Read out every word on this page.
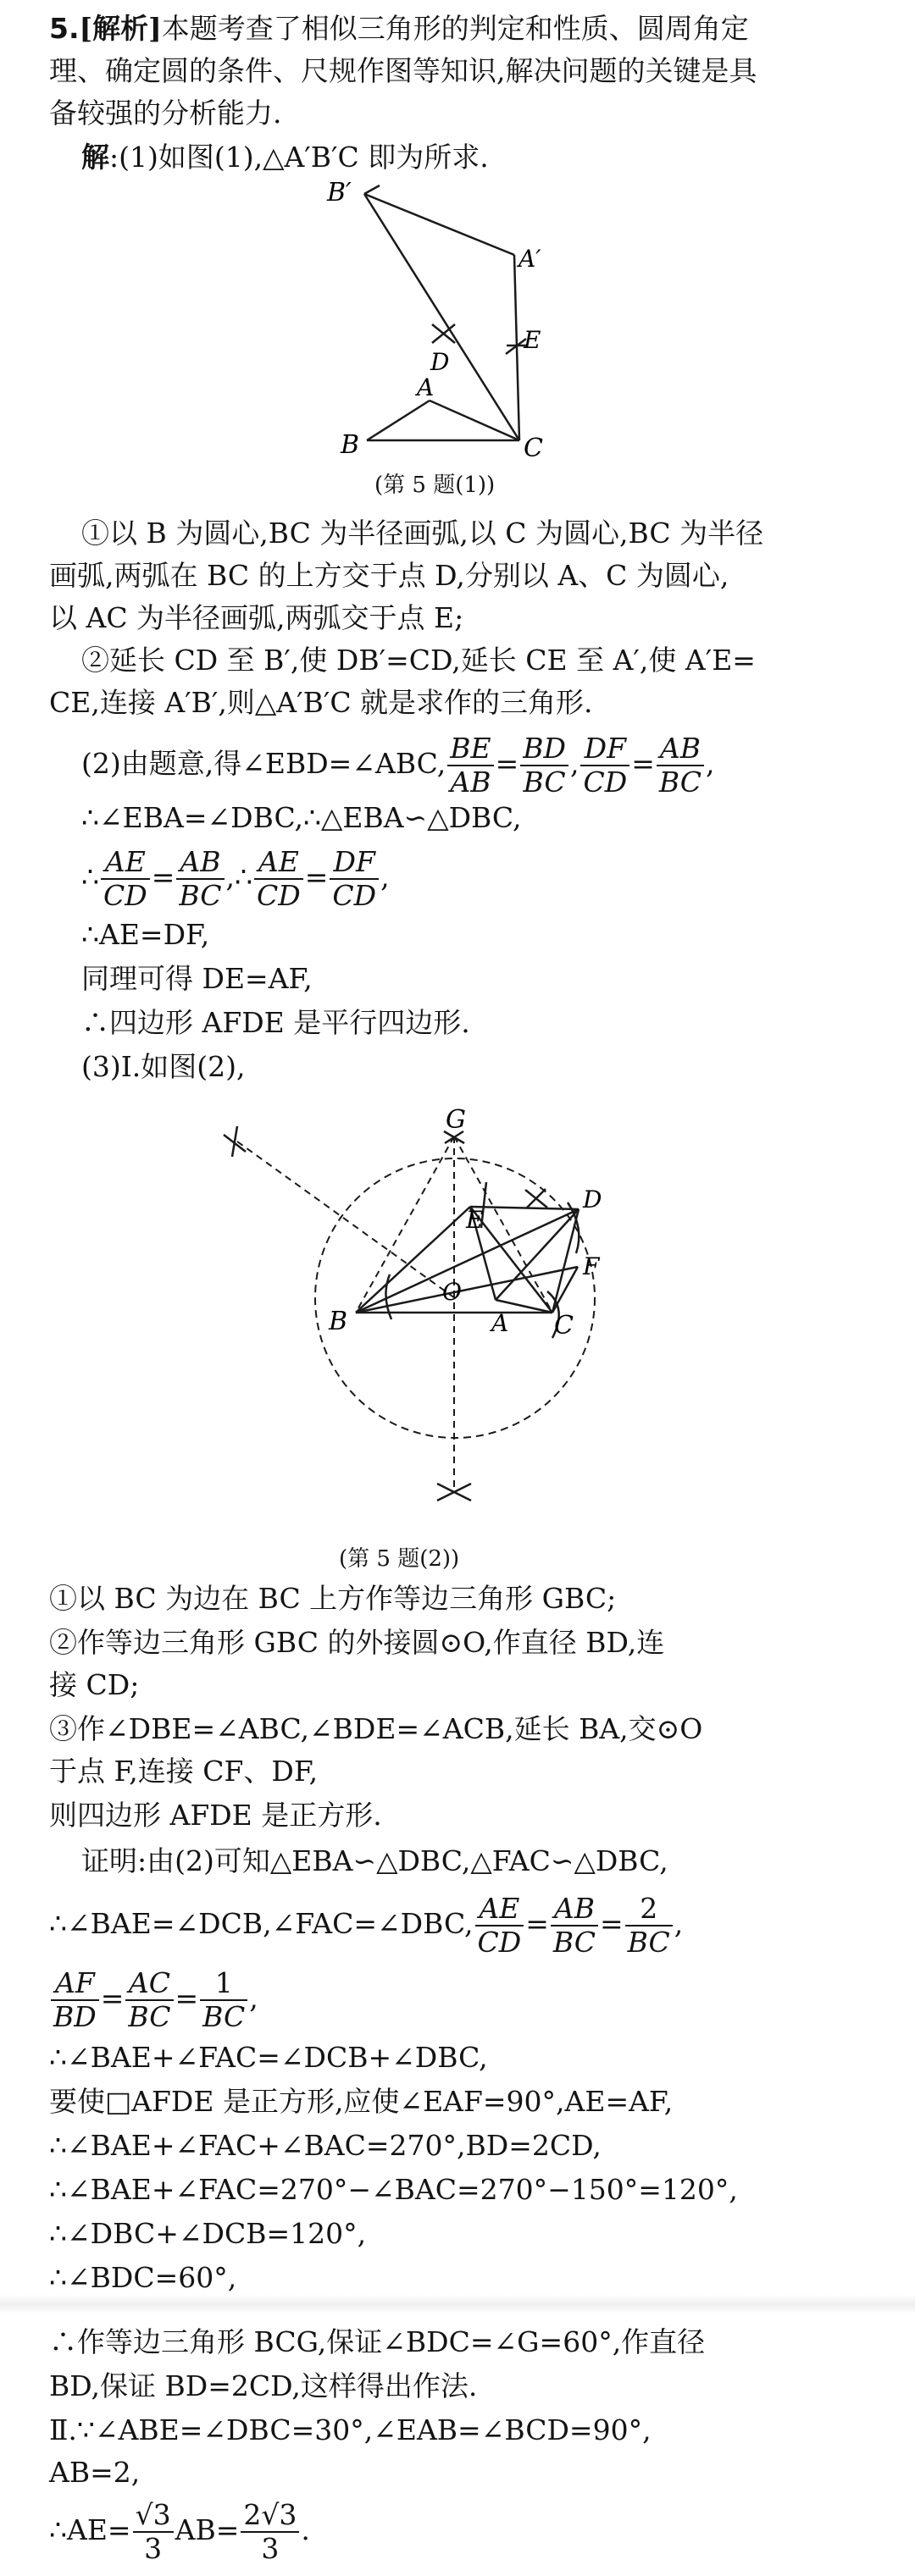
5.[解析]本题考查了相似三角形的判定和性质、圆周角定
理、确定圆的条件、尺规作图等知识,解决问题的关键是具
备较强的分析能力.
解:(1)如图(1),△A′B′C 即为所求.
B′
A′
E
D
A
B	C
(第 5 题(1))
①以 B 为圆心,BC 为半径画弧,以 C 为圆心,BC 为半径
画弧,两弧在 BC 的上方交于点 D,分别以 A、C 为圆心,
以 AC 为半径画弧,两弧交于点 E;
②延长 CD 至 B′,使 DB′=CD,延长 CE 至 A′,使 A′E=
CE,连接 A′B′,则△A′B′C 就是求作的三角形.
(2)由题意,得∠EBD=∠ABC, $\frac{BE}{AB} = \frac{BD}{BC}$ , $\frac{DF}{CD} = \frac{AB}{BC}$ ,
∴∠EBA=∠DBC,∴△EBA∽△DBC,
∴ $\frac{AE}{CD} = \frac{AB}{BC}$ ,∴ $\frac{AE}{CD} = \frac{DF}{CD}$ ,
∴AE=DF,
同理可得 DE=AF,
∴四边形 AFDE 是平行四边形.
(3)Ⅰ.如图(2),
G
E
D
O
F
A
B	C
(第 5 题(2))
①以 BC 为边在 BC 上方作等边三角形 GBC;
②作等边三角形 GBC 的外接圆⊙O,作直径 BD,连
接 CD;
③作∠DBE=∠ABC,∠BDE=∠ACB,延长 BA,交⊙O
于点 F,连接 CF、DF,
则四边形 AFDE 是正方形.
证明:由(2)可知△EBA∽△DBC,△FAC∽△DBC,
∴∠BAE=∠DCB,∠FAC=∠DBC, $\frac{AE}{CD} = \frac{AB}{BC} = \frac{2}{BC}$ ,
$\frac{AF}{BD} = \frac{AC}{BC} = \frac{1}{BC}$ ,
∴∠BAE+∠FAC=∠DCB+∠DBC,
要使□AFDE 是正方形,应使∠EAF=90°,AE=AF,
∴∠BAE+∠FAC+∠BAC=270°,BD=2CD,
∴∠BAE+∠FAC=270°−∠BAC=270°−150°=120°,
∴∠DBC+∠DCB=120°,
∴∠BDC=60°,
∴作等边三角形 BCG,保证∠BDC=∠G=60°,作直径
BD,保证 BD=2CD,这样得出作法.
Ⅱ.∵∠ABE=∠DBC=30°,∠EAB=∠BCD=90°,
AB=2,
∴AE= $\frac{√3}{3} AB= \frac{2√3}{3}$ .
